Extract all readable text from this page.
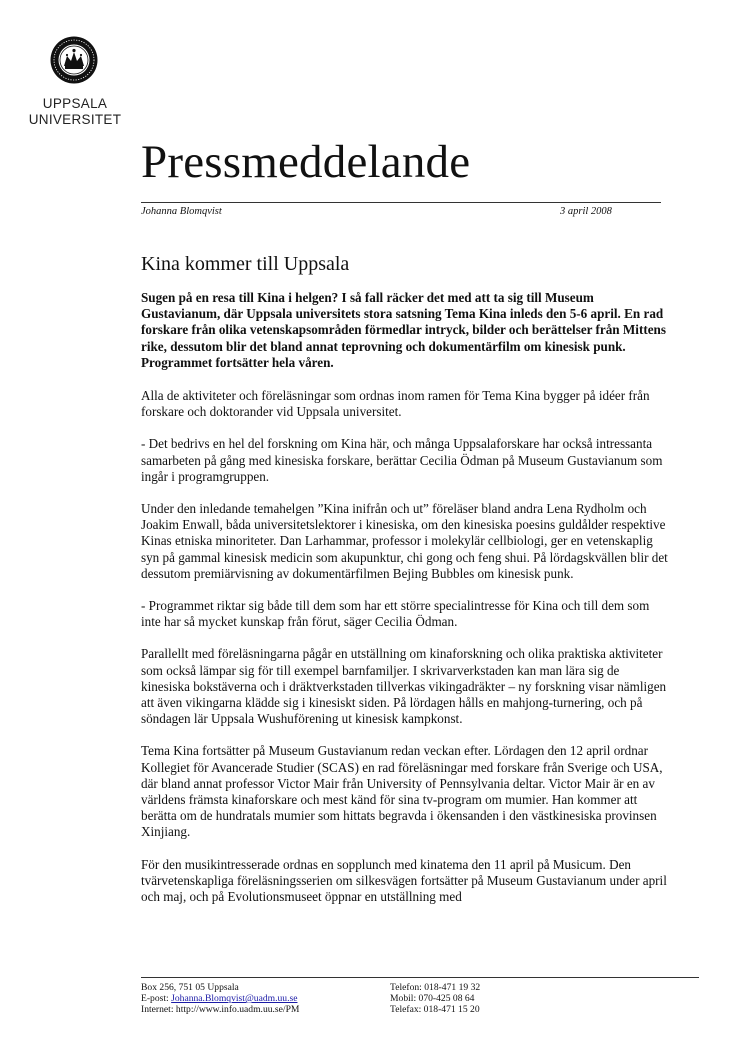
UPPSALA
UNIVERSITET
Pressmeddelande
Johanna Blomqvist	3 april 2008
Kina kommer till Uppsala

Sugen på en resa till Kina i helgen? I så fall räcker det med att ta sig till Museum Gustavianum, där Uppsala universitets stora satsning Tema Kina inleds den 5-6 april. En rad forskare från olika vetenskapsområden förmedlar intryck, bilder och berättelser från Mittens rike, dessutom blir det bland annat teprovning och dokumentärfilm om kinesisk punk. Programmet fortsätter hela våren.

Alla de aktiviteter och föreläsningar som ordnas inom ramen för Tema Kina bygger på idéer från forskare och doktorander vid Uppsala universitet.

- Det bedrivs en hel del forskning om Kina här, och många Uppsalaforskare har också intressanta samarbeten på gång med kinesiska forskare, berättar Cecilia Ödman på Museum Gustavianum som ingår i programgruppen.

Under den inledande temahelgen ”Kina inifrån och ut” föreläser bland andra Lena Rydholm och Joakim Enwall, båda universitetslektorer i kinesiska, om den kinesiska poesins guldålder respektive Kinas etniska minoriteter. Dan Larhammar, professor i molekylär cellbiologi, ger en vetenskaplig syn på gammal kinesisk medicin som akupunktur, chi gong och feng shui. På lördagskvällen blir det dessutom premiärvisning av dokumentärfilmen Bejing Bubbles om kinesisk punk.

- Programmet riktar sig både till dem som har ett större specialintresse för Kina och till dem som inte har så mycket kunskap från förut, säger Cecilia Ödman.

Parallellt med föreläsningarna pågår en utställning om kinaforskning och olika praktiska aktiviteter som också lämpar sig för till exempel barnfamiljer. I skrivarverkstaden kan man lära sig de kinesiska bokstäverna och i dräktverkstaden tillverkas vikingadräkter – ny forskning visar nämligen att även vikingarna klädde sig i kinesiskt siden. På lördagen hålls en mahjong-turnering, och på söndagen lär Uppsala Wushuförening ut kinesisk kampkonst.

Tema Kina fortsätter på Museum Gustavianum redan veckan efter. Lördagen den 12 april ordnar Kollegiet för Avancerade Studier (SCAS) en rad föreläsningar med forskare från Sverige och USA, där bland annat professor Victor Mair från University of Pennsylvania deltar. Victor Mair är en av världens främsta kinaforskare och mest känd för sina tv-program om mumier. Han kommer att berätta om de hundratals mumier som hittats begravda i ökensanden i den västkinesiska provinsen Xinjiang.

För den musikintresserade ordnas en sopplunch med kinatema den 11 april på Musicum. Den tvärvetenskapliga föreläsningsserien om silkesvägen fortsätter på Museum Gustavianum under april och maj, och på Evolutionsmuseet öppnar en utställning med

Box 256, 751 05 Uppsala
E-post: Johanna.Blomqvist@uadm.uu.se
Internet: http://www.info.uadm.uu.se/PM
Telefon: 018-471 19 32
Mobil: 070-425 08 64
Telefax: 018-471 15 20
